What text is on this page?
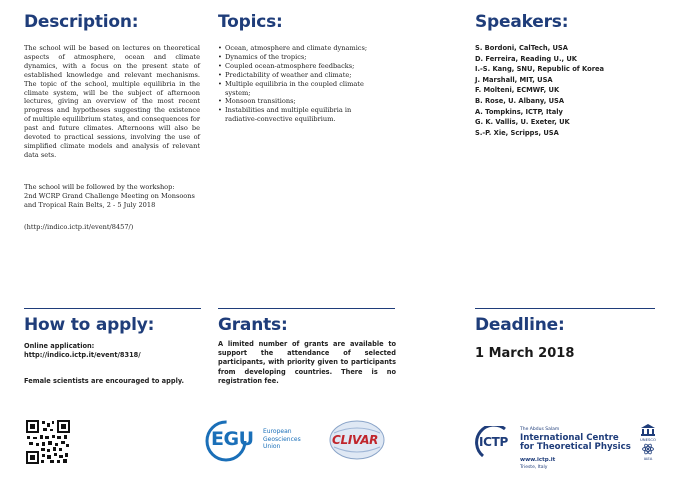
Description:
The school will be based on lectures on theoretical aspects of atmosphere, ocean and climate dynamics, with a focus on the present state of established knowledge and relevant mechanisms. The topic of the school, multiple equilibria in the climate system, will be the subject of afternoon lectures, giving an overview of the most recent progress and hypotheses suggesting the existence of multiple equilibrium states, and consequences for past and future climates. Afternoons will also be devoted to practical sessions, involving the use of simplified climate models and analysis of relevant data sets.
The school will be followed by the workshop:
2nd WCRP Grand Challenge Meeting on Monsoons and Tropical Rain Belts, 2 - 5 July 2018
(http://indico.ictp.it/event/8457/)
Topics:
• Ocean, atmosphere and climate dynamics;
• Dynamics of the tropics;
• Coupled ocean-atmosphere feedbacks;
• Predictability of weather and climate;
• Multiple equilibria in the coupled climate system;
• Monsoon transitions;
• Instabilities and multiple equilibria in radiative-convective equilibrium.
Speakers:
S. Bordoni, CalTech, USA
D. Ferreira, Reading U., UK
I.-S. Kang, SNU, Republic of Korea
J. Marshall, MIT, USA
F. Molteni, ECMWF, UK
B. Rose, U. Albany, USA
A. Tompkins, ICTP, Italy
G. K. Vallis, U. Exeter, UK
S.-P. Xie, Scripps, USA
How to apply:
Online application:
http://indico.ictp.it/event/8318/
Female scientists are encouraged to apply.
Grants:
A limited number of grants are available to support the attendance of selected participants, with priority given to participants from developing countries. There is no registration fee.
Deadline:
1 March 2018
EGU European
Geosciences
Union	CLIVAR	ICTP
The Abdus Salam
International Centre
for Theoretical Physics
www.ictp.it
Trieste, Italy
UNESCO
IAEA
